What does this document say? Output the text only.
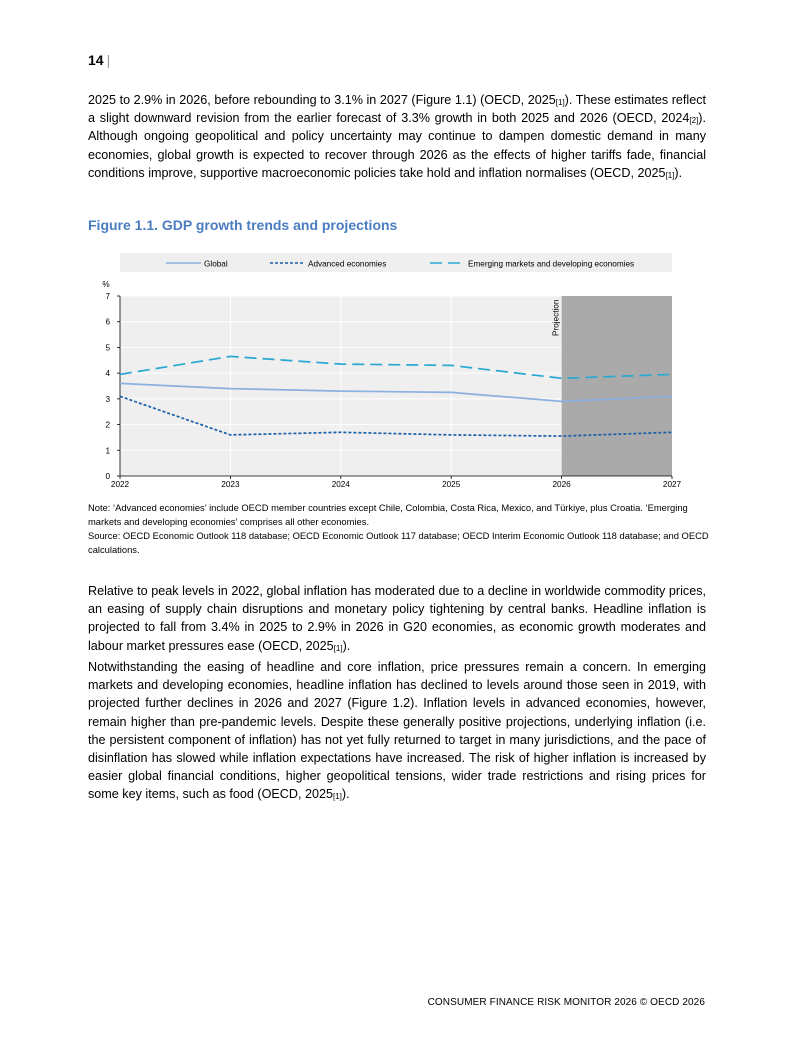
14 |

2025 to 2.9% in 2026, before rebounding to 3.1% in 2027 (Figure 1.1) (OECD, $2025_{[1]}$). These estimates reflect a slight downward revision from the earlier forecast of 3.3% growth in both 2025 and 2026 (OECD, $2024_{[2]}$). Although ongoing geopolitical and policy uncertainty may continue to dampen domestic demand in many economies, global growth is expected to recover through 2026 as the effects of higher tariffs fade, financial conditions improve, supportive macroeconomic policies take hold and inflation normalises (OECD, $2025_{[1]}$).

Figure 1.1. GDP growth trends and projections
Global	Advanced economies	Emerging markets and developing economies
Projection
0
1
2
3
4
5
6
7
%
2022	2023	2024	2025	2026	2027
Note: ‘Advanced economies’ include OECD member countries except Chile, Colombia, Costa Rica, Mexico, and Türkiye, plus Croatia. ‘Emerging markets and developing economies’ comprises all other economies.
Source: OECD Economic Outlook 118 database; OECD Economic Outlook 117 database; OECD Interim Economic Outlook 118 database; and OECD calculations.

Relative to peak levels in 2022, global inflation has moderated due to a decline in worldwide commodity prices, an easing of supply chain disruptions and monetary policy tightening by central banks. Headline inflation is projected to fall from 3.4% in 2025 to 2.9% in 2026 in G20 economies, as economic growth moderates and labour market pressures ease (OECD, $2025_{[1]}$).

Notwithstanding the easing of headline and core inflation, price pressures remain a concern. In emerging markets and developing economies, headline inflation has declined to levels around those seen in 2019, with projected further declines in 2026 and 2027 (Figure 1.2). Inflation levels in advanced economies, however, remain higher than pre-pandemic levels. Despite these generally positive projections, underlying inflation (i.e. the persistent component of inflation) has not yet fully returned to target in many jurisdictions, and the pace of disinflation has slowed while inflation expectations have increased. The risk of higher inflation is increased by easier global financial conditions, higher geopolitical tensions, wider trade restrictions and rising prices for some key items, such as food (OECD, $2025_{[1]}$).

CONSUMER FINANCE RISK MONITOR 2026 © OECD 2026
